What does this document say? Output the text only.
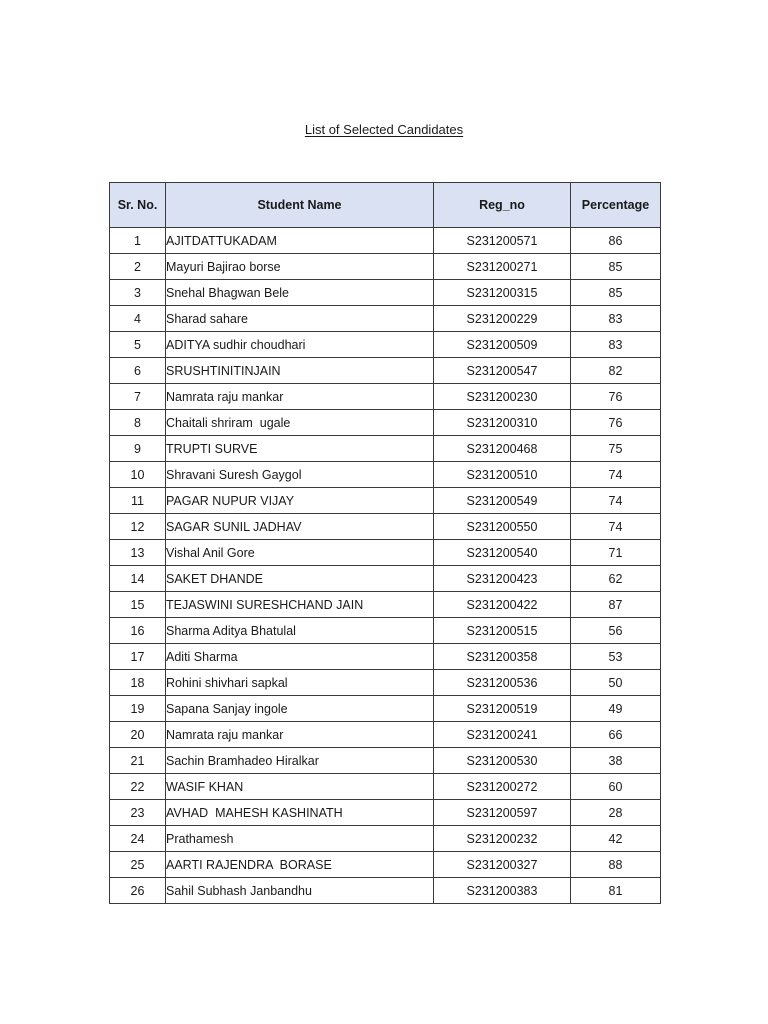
List of Selected Candidates
Sr. No.	Student Name	Reg_no	Percentage
1	AJITDATTUKADAM	S231200571	86
2	Mayuri Bajirao borse	S231200271	85
3	Snehal Bhagwan Bele	S231200315	85
4	Sharad sahare	S231200229	83
5	ADITYA sudhir choudhari	S231200509	83
6	SRUSHTINITINJAIN	S231200547	82
7	Namrata raju mankar	S231200230	76
8	Chaitali shriram  ugale	S231200310	76
9	TRUPTI SURVE	S231200468	75
10	Shravani Suresh Gaygol	S231200510	74
11	PAGAR NUPUR VIJAY	S231200549	74
12	SAGAR SUNIL JADHAV	S231200550	74
13	Vishal Anil Gore	S231200540	71
14	SAKET DHANDE	S231200423	62
15	TEJASWINI SURESHCHAND JAIN	S231200422	87
16	Sharma Aditya Bhatulal	S231200515	56
17	Aditi Sharma	S231200358	53
18	Rohini shivhari sapkal	S231200536	50
19	Sapana Sanjay ingole	S231200519	49
20	Namrata raju mankar	S231200241	66
21	Sachin Bramhadeo Hiralkar	S231200530	38
22	WASIF KHAN	S231200272	60
23	AVHAD  MAHESH KASHINATH	S231200597	28
24	Prathamesh	S231200232	42
25	AARTI RAJENDRA  BORASE	S231200327	88
26	Sahil Subhash Janbandhu	S231200383	81
